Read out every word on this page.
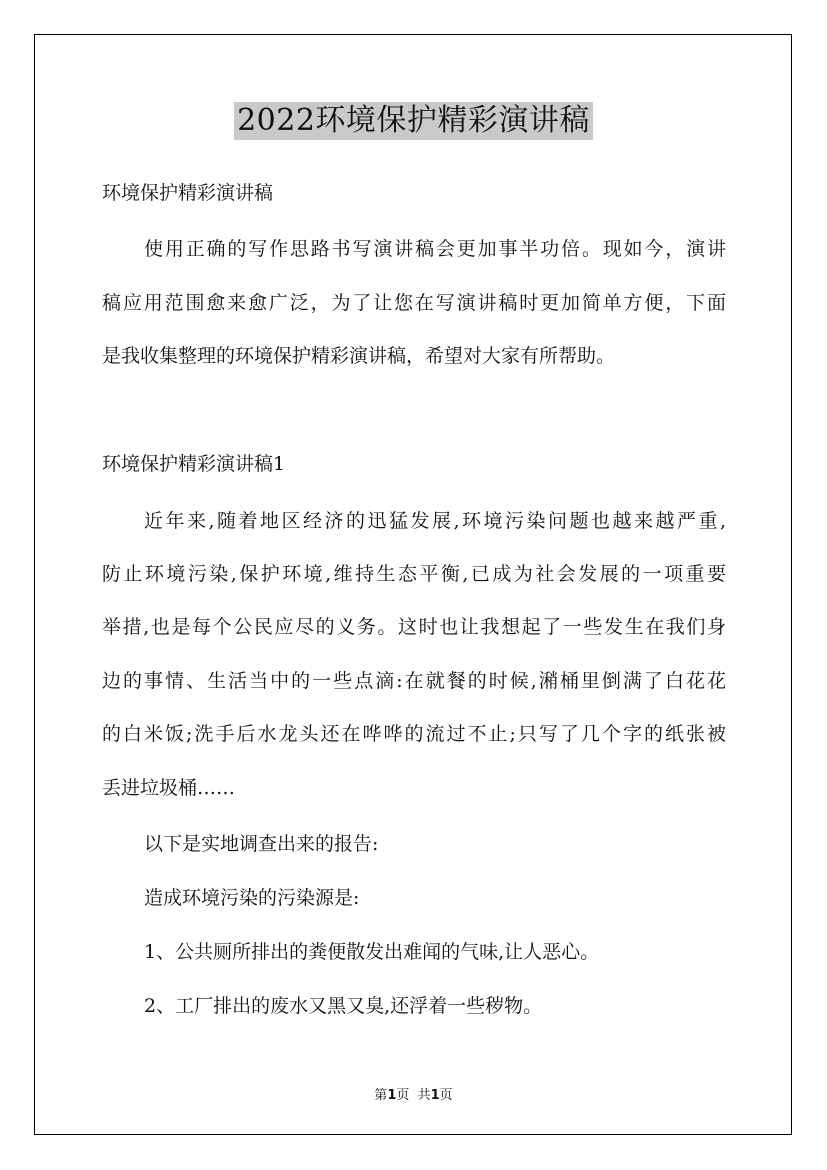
2022环境保护精彩演讲稿
环境保护精彩演讲稿
使用正确的写作思路书写演讲稿会更加事半功倍。现如今，演讲
稿应用范围愈来愈广泛，为了让您在写演讲稿时更加简单方便，下面
是我收集整理的环境保护精彩演讲稿，希望对大家有所帮助。
环境保护精彩演讲稿1
近年来,随着地区经济的迅猛发展,环境污染问题也越来越严重,
防止环境污染,保护环境,维持生态平衡,已成为社会发展的一项重要
举措,也是每个公民应尽的义务。这时也让我想起了一些发生在我们身
边的事情、生活当中的一些点滴:在就餐的时候,潲桶里倒满了白花花
的白米饭;洗手后水龙头还在哗哗的流过不止;只写了几个字的纸张被
丢进垃圾桶……
以下是实地调查出来的报告:
造成环境污染的污染源是:
1、公共厕所排出的粪便散发出难闻的气味,让人恶心。
2、工厂排出的废水又黑又臭,还浮着一些秽物。
第1页  共1页
